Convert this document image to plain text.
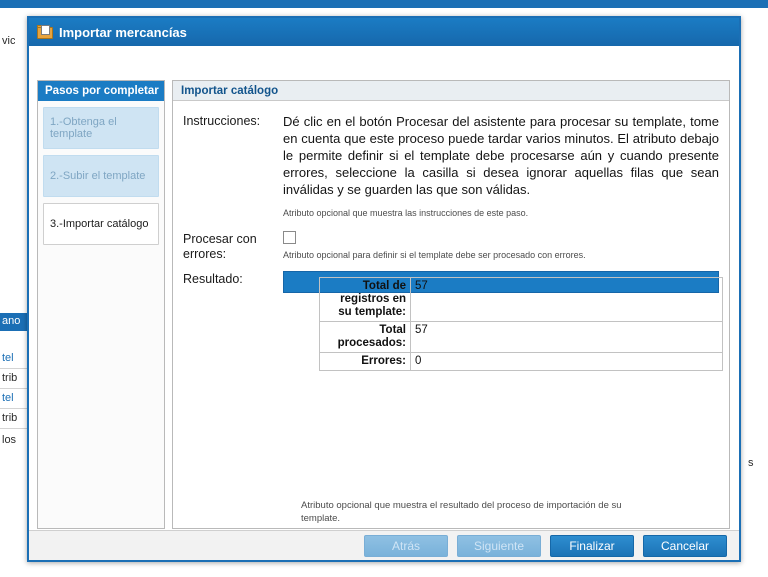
vic
ano
tel
trib
tel
trib
los
s
Importar mercancías
Pasos por completar
1.-Obtenga el template
2.-Subir el template
3.-Importar catálogo
Importar catálogo
Instrucciones:	Dé clic en el botón Procesar del asistente para procesar su template, tome en cuenta que este proceso puede tardar varios minutos. El atributo debajo le permite definir si el template debe procesarse aún y cuando presente errores, seleccione la casilla si desea ignorar aquellas filas que sean inválidas y se guarden las que son válidas.
Atributo opcional que muestra las instrucciones de este paso.
Procesar con errores:	Atributo opcional para definir si el template debe ser procesado con errores.
Resultado:	Total de registros en su template:	57
Total procesados:	57
Errores:	0
Atributo opcional que muestra el resultado del proceso de importación de su template.
Atrás	Siguiente	Finalizar	Cancelar
